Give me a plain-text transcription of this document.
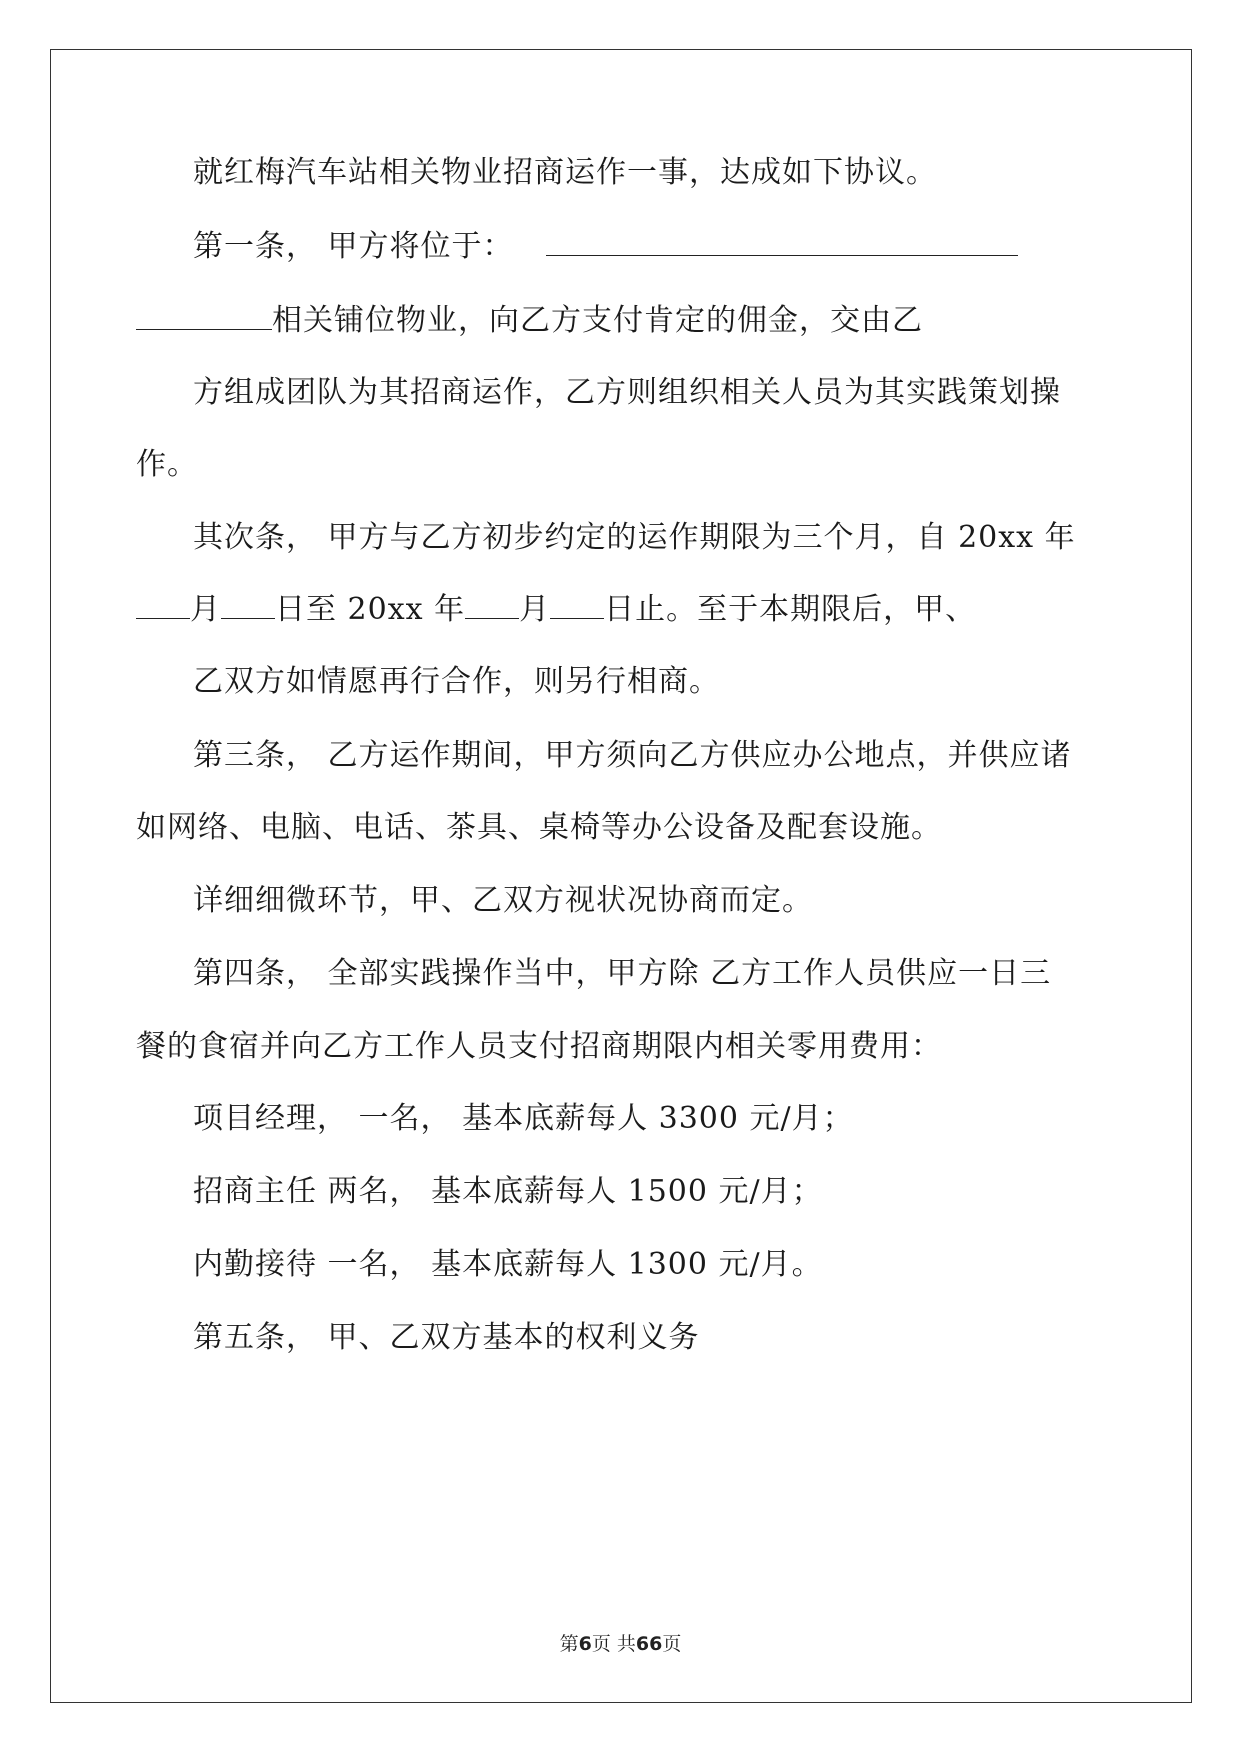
就红梅汽车站相关物业招商运作一事，达成如下协议。
第一条， 甲方将位于：
相关铺位物业，向乙方支付肯定的佣金，交由乙
方组成团队为其招商运作，乙方则组织相关人员为其实践策划操
作。
其次条， 甲方与乙方初步约定的运作期限为三个月，自 20xx 年
月 日至 20xx 年 月 日止。至于本期限后，甲、
乙双方如情愿再行合作，则另行相商。
第三条， 乙方运作期间，甲方须向乙方供应办公地点，并供应诸
如网络、电脑、电话、茶具、桌椅等办公设备及配套设施。
详细细微环节，甲、乙双方视状况协商而定。
第四条， 全部实践操作当中，甲方除 乙方工作人员供应一日三
餐的食宿并向乙方工作人员支付招商期限内相关零用费用：
项目经理， 一名， 基本底薪每人 3300 元/月；
招商主任 两名， 基本底薪每人 1500 元/月；
内勤接待 一名， 基本底薪每人 1300 元/月。
第五条， 甲、乙双方基本的权利义务
第6页 共66页
